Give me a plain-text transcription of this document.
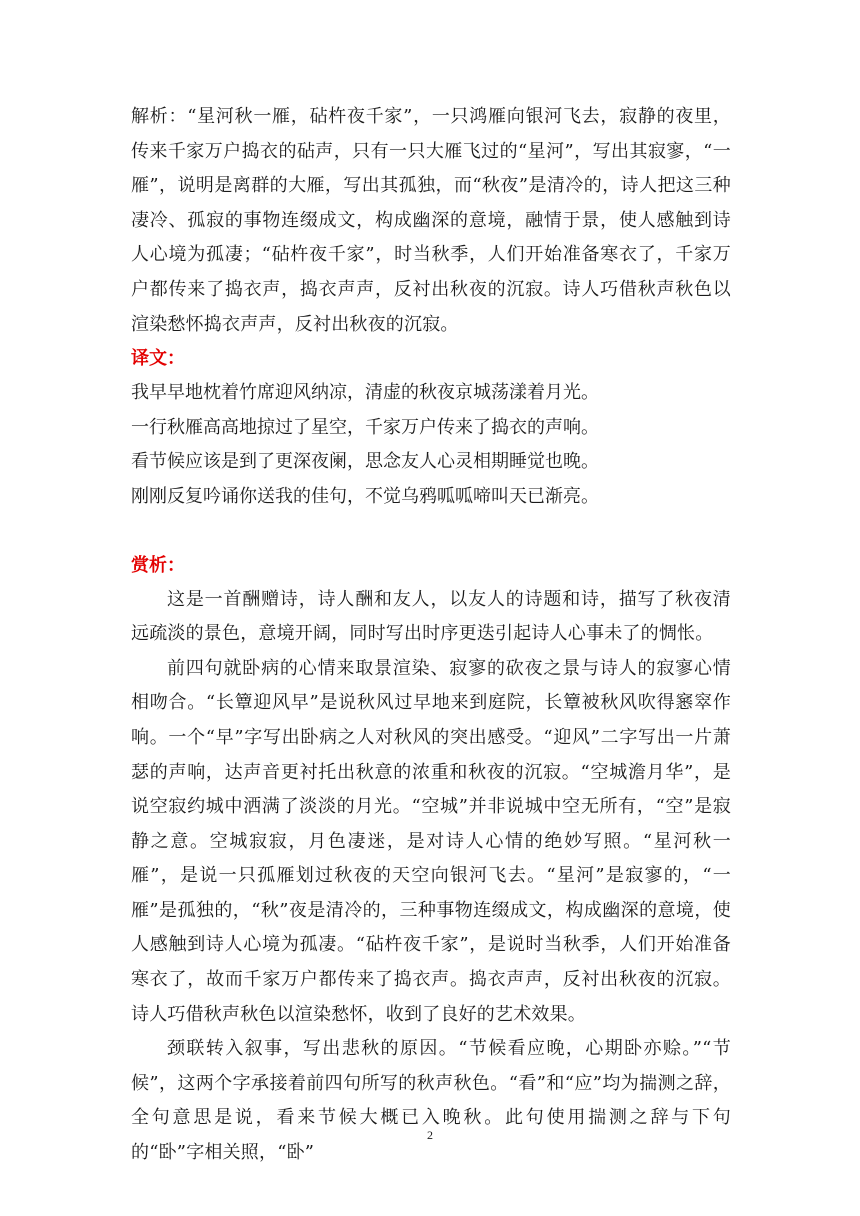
解析：“星河秋一雁，砧杵夜千家”，一只鸿雁向银河飞去，寂静的夜里，传来千家万户捣衣的砧声，只有一只大雁飞过的“星河”，写出其寂寥，“一雁”，说明是离群的大雁，写出其孤独，而“秋夜”是清冷的，诗人把这三种凄冷、孤寂的事物连缀成文，构成幽深的意境，融情于景，使人感触到诗人心境为孤凄；“砧杵夜千家”，时当秋季，人们开始准备寒衣了，千家万户都传来了捣衣声，捣衣声声，反衬出秋夜的沉寂。诗人巧借秋声秋色以渲染愁怀捣衣声声，反衬出秋夜的沉寂。

译文：

我早早地枕着竹席迎风纳凉，清虚的秋夜京城荡漾着月光。

一行秋雁高高地掠过了星空，千家万户传来了捣衣的声响。

看节候应该是到了更深夜阑，思念友人心灵相期睡觉也晚。

刚刚反复吟诵你送我的佳句，不觉乌鸦呱呱啼叫天已渐亮。

赏析：

这是一首酬赠诗，诗人酬和友人，以友人的诗题和诗，描写了秋夜清远疏淡的景色，意境开阔，同时写出时序更迭引起诗人心事未了的惆怅。

前四句就卧病的心情来取景渲染、寂寥的砍夜之景与诗人的寂寥心情相吻合。“长簟迎风早”是说秋风过早地来到庭院，长簟被秋风吹得窸窣作响。一个“早”字写出卧病之人对秋风的突出感受。“迎风”二字写出一片萧瑟的声响，达声音更衬托出秋意的浓重和秋夜的沉寂。“空城澹月华”，是说空寂约城中洒满了淡淡的月光。“空城”并非说城中空无所有，“空”是寂静之意。空城寂寂，月色凄迷，是对诗人心情的绝妙写照。“星河秋一雁”，是说一只孤雁划过秋夜的天空向银河飞去。“星河”是寂寥的，“一雁”是孤独的，“秋”夜是清冷的，三种事物连缀成文，构成幽深的意境，使人感触到诗人心境为孤凄。“砧杵夜千家”，是说时当秋季，人们开始准备寒衣了，故而千家万户都传来了捣衣声。捣衣声声，反衬出秋夜的沉寂。诗人巧借秋声秋色以渲染愁怀，收到了良好的艺术效果。

颈联转入叙事，写出悲秋的原因。“节候看应晚，心期卧亦赊。”“节候”，这两个字承接着前四句所写的秋声秋色。“看”和“应”均为揣测之辞，全句意思是说，看来节候大概已入晚秋。此句使用揣测之辞与下句的“卧”字相关照，“卧”

2
